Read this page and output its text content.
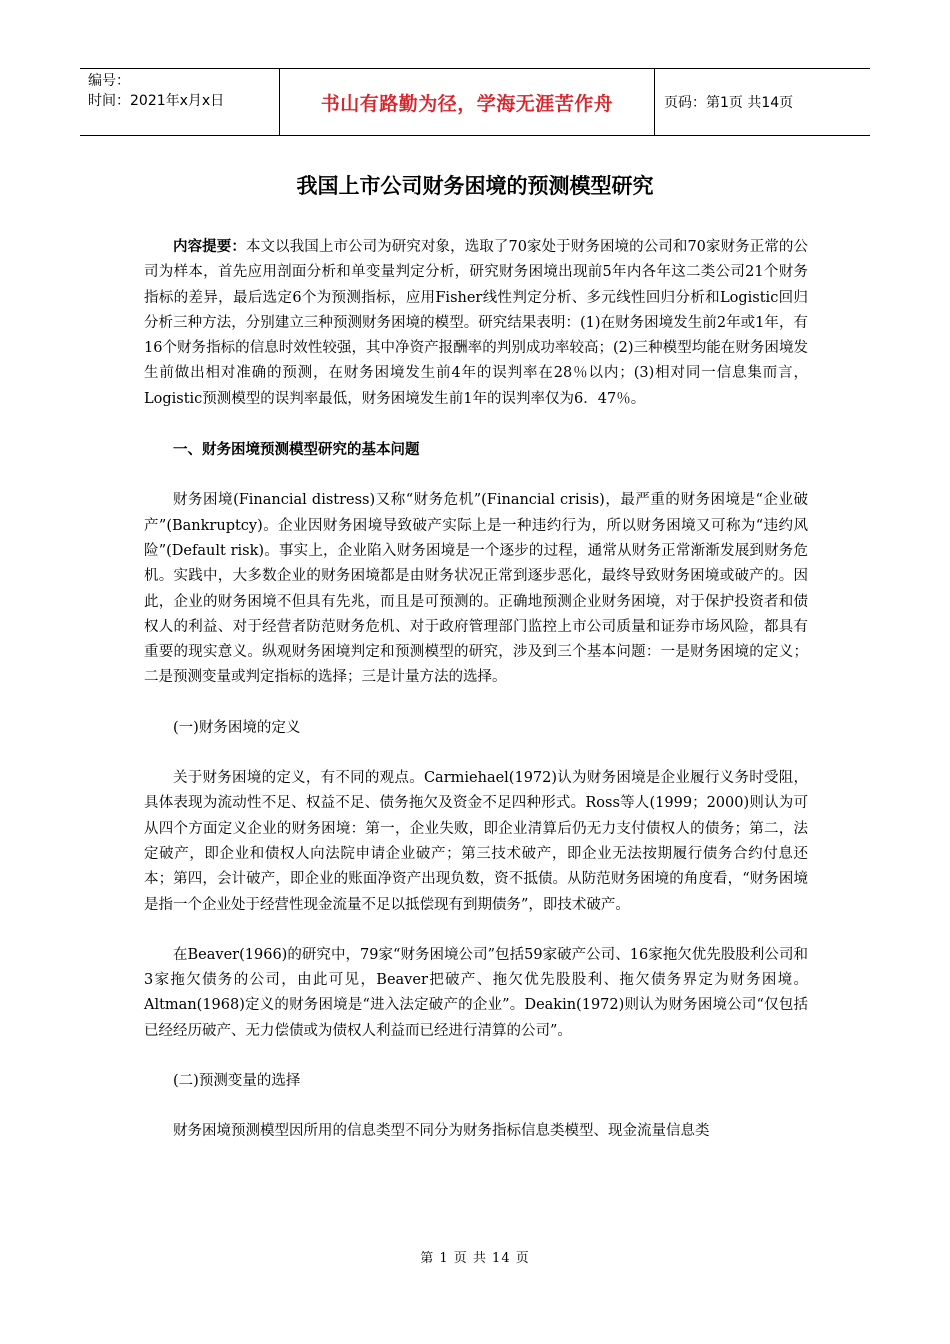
编号：
时间：2021年x月x日	书山有路勤为径，学海无涯苦作舟	页码：第1页 共14页
我国上市公司财务困境的预测模型研究

内容提要：本文以我国上市公司为研究对象，选取了70家处于财务困境的公司和70家财务正常的公司为样本，首先应用剖面分析和单变量判定分析，研究财务困境出现前5年内各年这二类公司21个财务指标的差异，最后选定6个为预测指标，应用Fisher线性判定分析、多元线性回归分析和Logistic回归分析三种方法，分别建立三种预测财务困境的模型。研究结果表明：(1)在财务困境发生前2年或1年，有16个财务指标的信息时效性较强，其中净资产报酬率的判别成功率较高；(2)三种模型均能在财务困境发生前做出相对准确的预测，在财务困境发生前4年的误判率在28％以内；(3)相对同一信息集而言，Logistic预测模型的误判率最低，财务困境发生前1年的误判率仅为6．47％。

一、财务困境预测模型研究的基本问题

财务困境(Financial distress)又称“财务危机”(Financial crisis)，最严重的财务困境是“企业破产”(Bankruptcy)。企业因财务困境导致破产实际上是一种违约行为，所以财务困境又可称为“违约风险”(Default risk)。事实上，企业陷入财务困境是一个逐步的过程，通常从财务正常渐渐发展到财务危机。实践中，大多数企业的财务困境都是由财务状况正常到逐步恶化，最终导致财务困境或破产的。因此，企业的财务困境不但具有先兆，而且是可预测的。正确地预测企业财务困境，对于保护投资者和债权人的利益、对于经营者防范财务危机、对于政府管理部门监控上市公司质量和证券市场风险，都具有重要的现实意义。纵观财务困境判定和预测模型的研究，涉及到三个基本问题：一是财务困境的定义；二是预测变量或判定指标的选择；三是计量方法的选择。

(一)财务困境的定义

关于财务困境的定义，有不同的观点。Carmiehael(1972)认为财务困境是企业履行义务时受阻，具体表现为流动性不足、权益不足、债务拖欠及资金不足四种形式。Ross等人(1999；2000)则认为可从四个方面定义企业的财务困境：第一，企业失败，即企业清算后仍无力支付债权人的债务；第二，法定破产，即企业和债权人向法院申请企业破产；第三技术破产，即企业无法按期履行债务合约付息还本；第四，会计破产，即企业的账面净资产出现负数，资不抵债。从防范财务困境的角度看，“财务困境是指一个企业处于经营性现金流量不足以抵偿现有到期债务”，即技术破产。

在Beaver(1966)的研究中，79家“财务困境公司”包括59家破产公司、16家拖欠优先股股利公司和3家拖欠债务的公司，由此可见，Beaver把破产、拖欠优先股股利、拖欠债务界定为财务困境。Altman(1968)定义的财务困境是“进入法定破产的企业”。Deakin(1972)则认为财务困境公司“仅包括已经经历破产、无力偿债或为债权人利益而已经进行清算的公司”。

(二)预测变量的选择

财务困境预测模型因所用的信息类型不同分为财务指标信息类模型、现金流量信息类

第 1 页 共 14 页
